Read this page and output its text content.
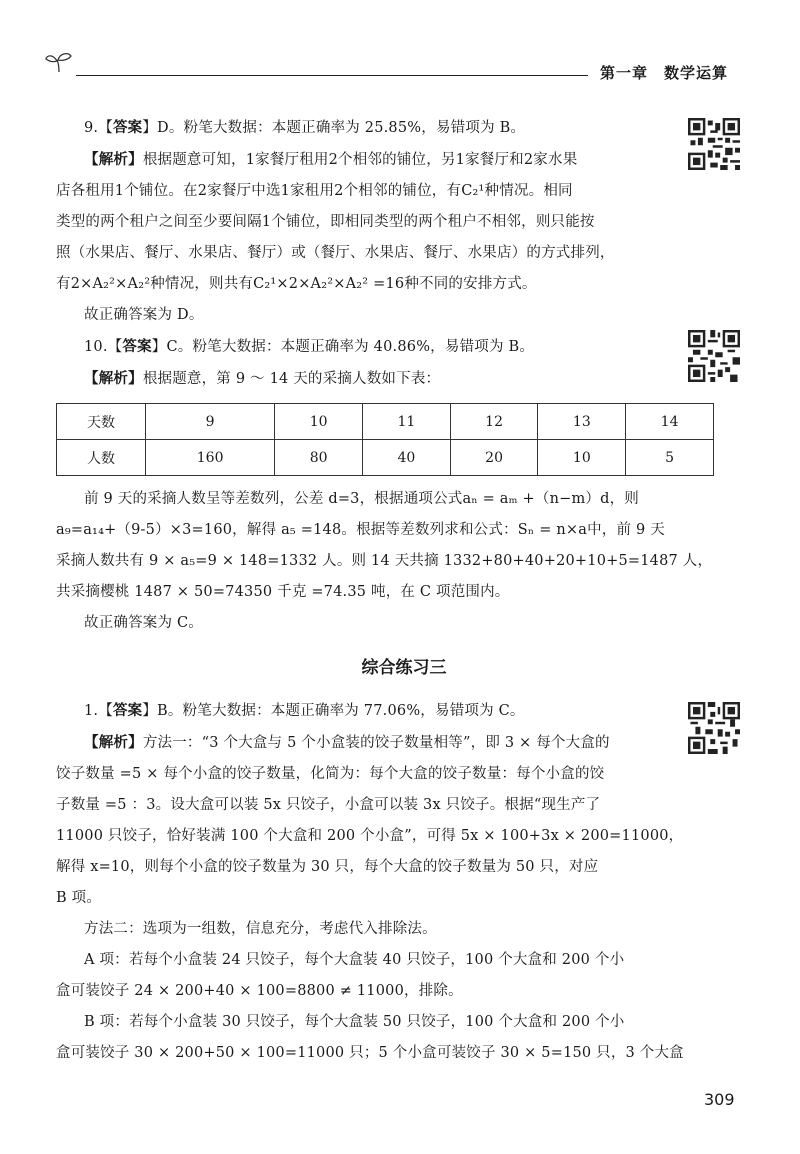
第一章　数学运算

9.【答案】D。粉笔大数据：本题正确率为 25.85%，易错项为 B。

【解析】根据题意可知，1家餐厅租用2个相邻的铺位，另1家餐厅和2家水果

店各租用1个铺位。在2家餐厅中选1家租用2个相邻的铺位，有C₂¹种情况。相同

类型的两个租户之间至少要间隔1个铺位，即相同类型的两个租户不相邻，则只能按

照（水果店、餐厅、水果店、餐厅）或（餐厅、水果店、餐厅、水果店）的方式排列，

有2×A₂²×A₂²种情况，则共有C₂¹×2×A₂²×A₂² =16种不同的安排方式。

故正确答案为 D。

10.【答案】C。粉笔大数据：本题正确率为 40.86%，易错项为 B。

【解析】根据题意，第 9 ～ 14 天的采摘人数如下表：

天数	9	10	11	12	13	14
人数	160	80	40	20	10	5

前 9 天的采摘人数呈等差数列，公差 d=3，根据通项公式aₙ = aₘ +（n−m）d，则

a₉=a₁₄+（9-5）×3=160，解得 a₅ =148。根据等差数列求和公式：Sₙ = n×a中，前 9 天

采摘人数共有 9 × a₅=9 × 148=1332 人。则 14 天共摘 1332+80+40+20+10+5=1487 人，

共采摘樱桃 1487 × 50=74350 千克 =74.35 吨，在 C 项范围内。

故正确答案为 C。

综合练习三

1.【答案】B。粉笔大数据：本题正确率为 77.06%，易错项为 C。

【解析】方法一：“3 个大盒与 5 个小盒装的饺子数量相等”，即 3 × 每个大盒的

饺子数量 =5 × 每个小盒的饺子数量，化简为：每个大盒的饺子数量：每个小盒的饺

子数量 =5 ：3。设大盒可以装 5x 只饺子，小盒可以装 3x 只饺子。根据“现生产了

11000 只饺子，恰好装满 100 个大盒和 200 个小盒”，可得 5x × 100+3x × 200=11000，

解得 x=10，则每个小盒的饺子数量为 30 只，每个大盒的饺子数量为 50 只，对应

B 项。

方法二：选项为一组数，信息充分，考虑代入排除法。

A 项：若每个小盒装 24 只饺子，每个大盒装 40 只饺子，100 个大盒和 200 个小

盒可装饺子 24 × 200+40 × 100=8800 ≠ 11000，排除。

B 项：若每个小盒装 30 只饺子，每个大盒装 50 只饺子，100 个大盒和 200 个小

盒可装饺子 30 × 200+50 × 100=11000 只；5 个小盒可装饺子 30 × 5=150 只，3 个大盒

309
